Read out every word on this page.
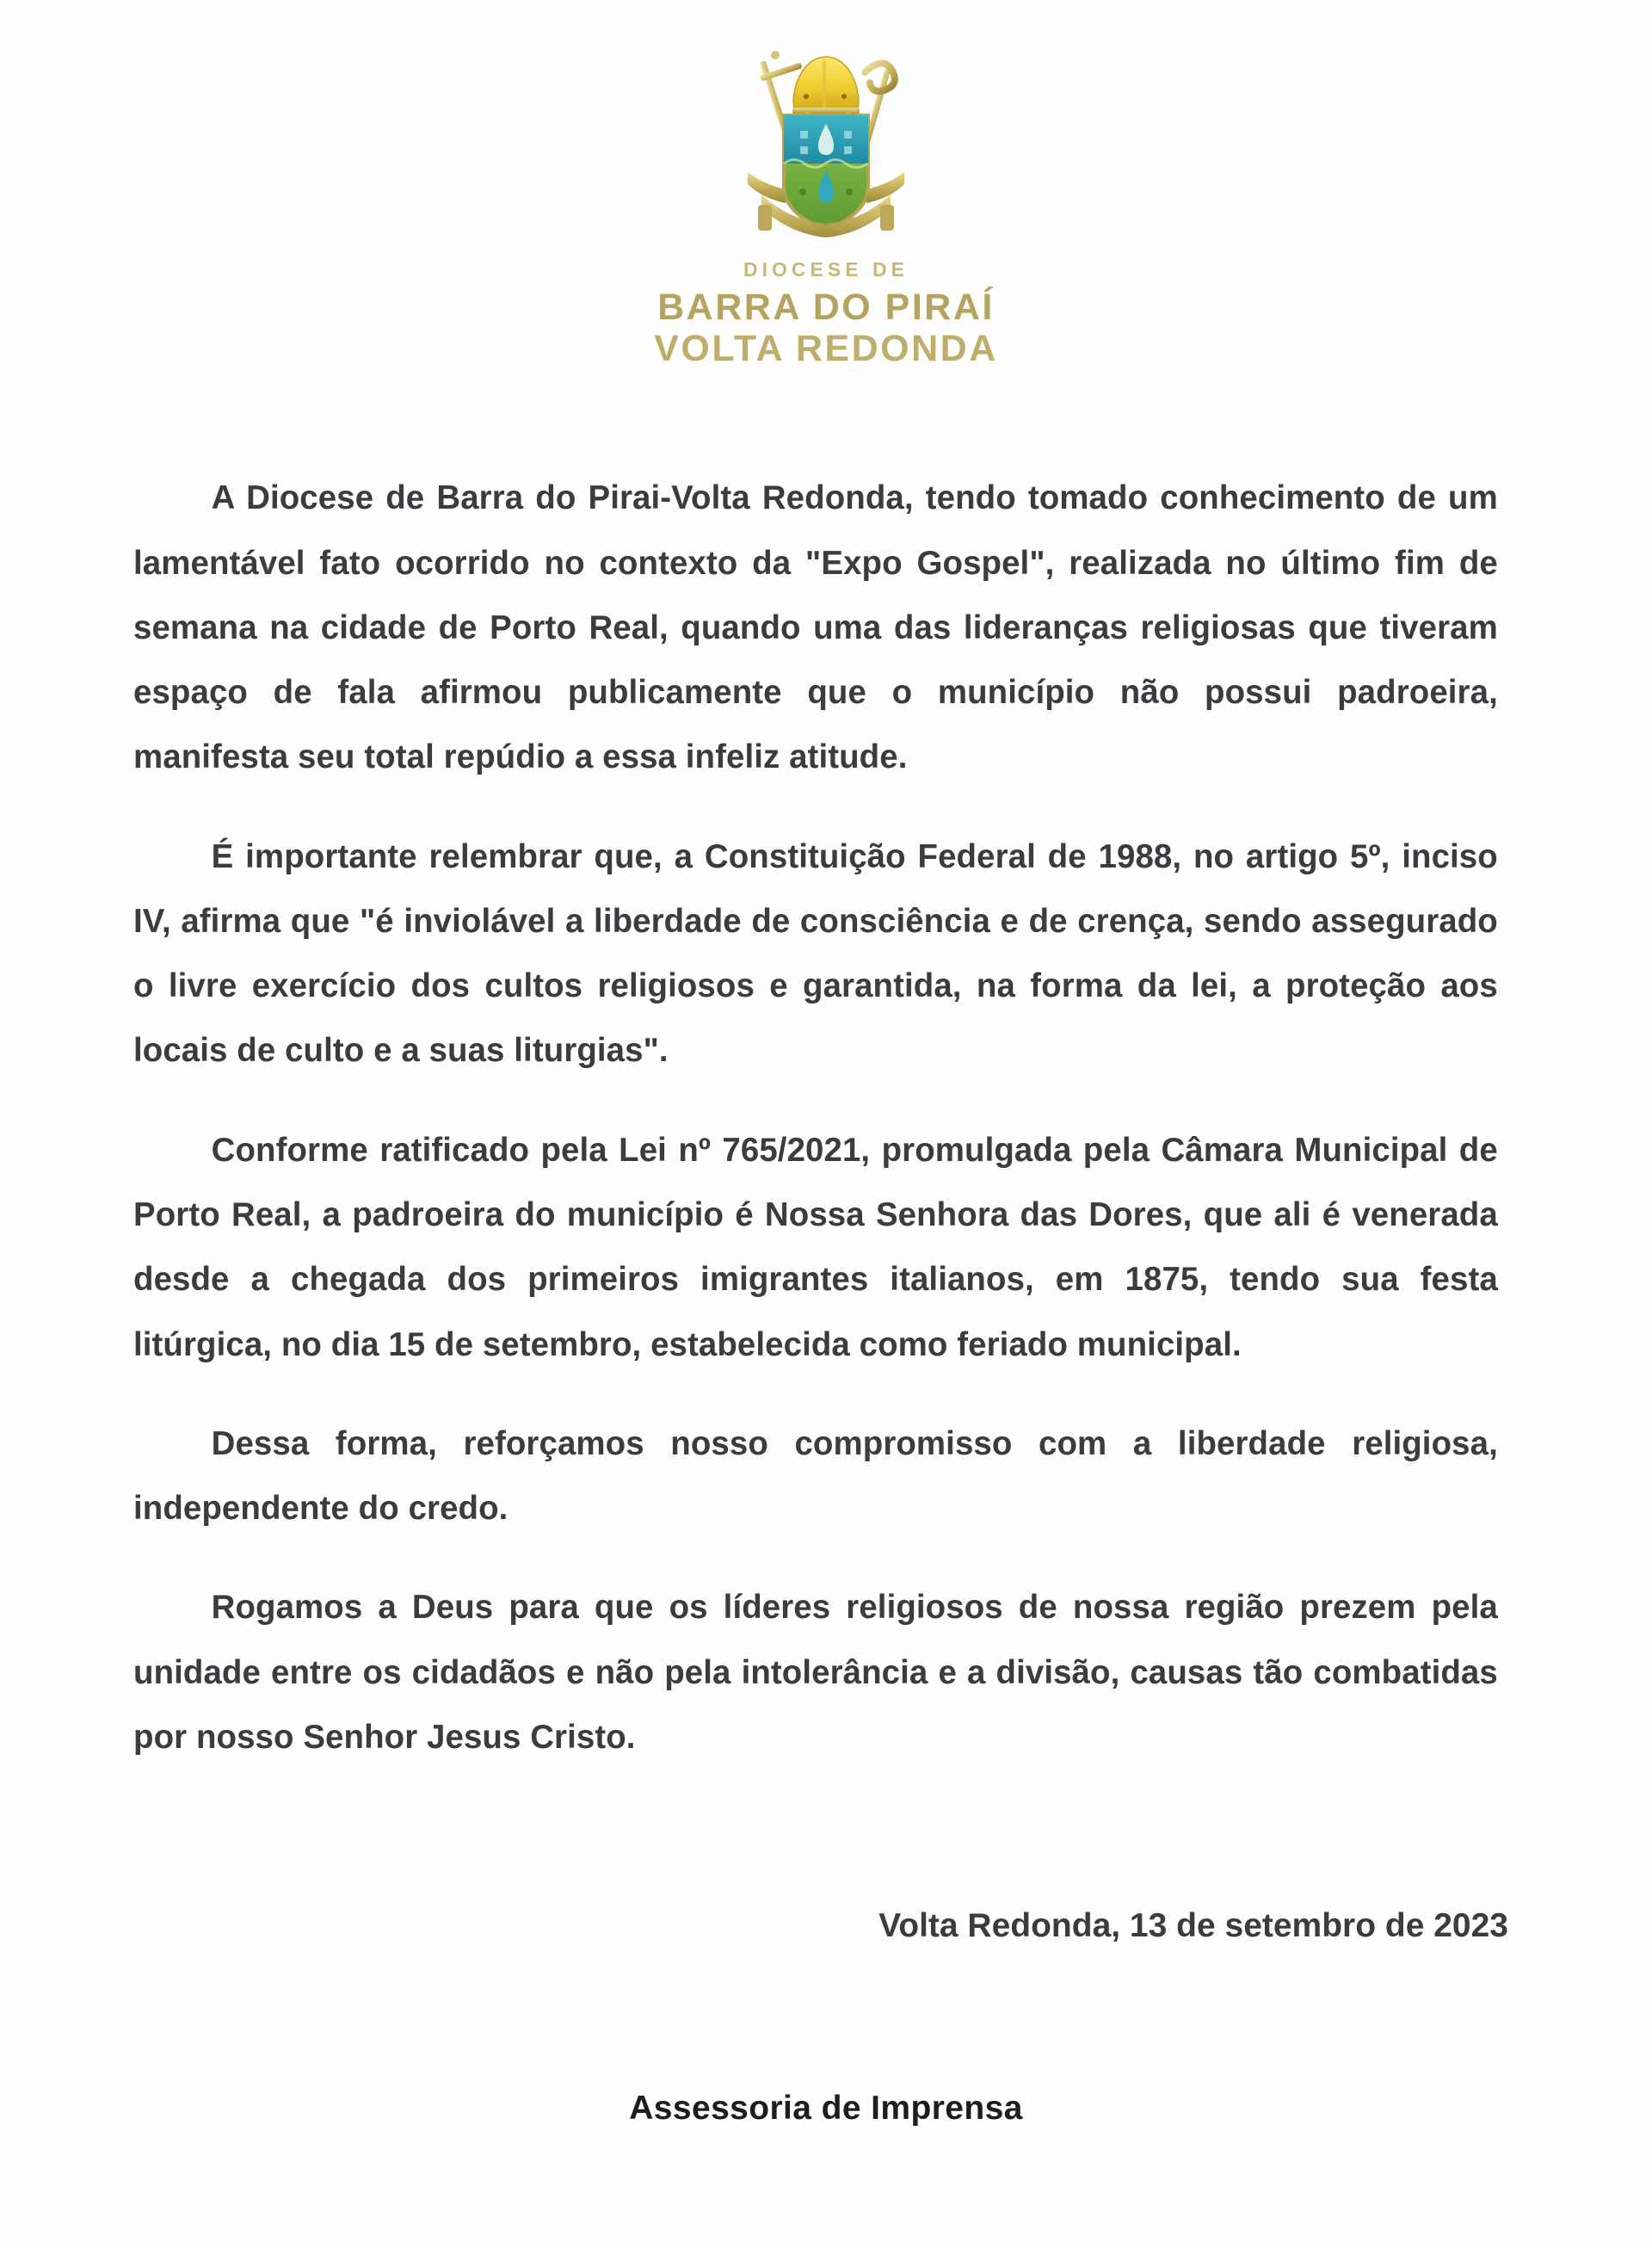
DIOCESE DE
BARRA DO PIRAÍ
VOLTA REDONDA

A Diocese de Barra do Pirai-Volta Redonda, tendo tomado conhecimento de um lamentável fato ocorrido no contexto da "Expo Gospel", realizada no último fim de semana na cidade de Porto Real, quando uma das lideranças religiosas que tiveram espaço de fala afirmou publicamente que o município não possui padroeira, manifesta seu total repúdio a essa infeliz atitude.

É importante relembrar que, a Constituição Federal de 1988, no artigo 5º, inciso IV, afirma que "é inviolável a liberdade de consciência e de crença, sendo assegurado o livre exercício dos cultos religiosos e garantida, na forma da lei, a proteção aos locais de culto e a suas liturgias".

Conforme ratificado pela Lei nº 765/2021, promulgada pela Câmara Municipal de Porto Real, a padroeira do município é Nossa Senhora das Dores, que ali é venerada desde a chegada dos primeiros imigrantes italianos, em 1875, tendo sua festa litúrgica, no dia 15 de setembro, estabelecida como feriado municipal.

Dessa forma, reforçamos nosso compromisso com a liberdade religiosa, independente do credo.

Rogamos a Deus para que os líderes religiosos de nossa região prezem pela unidade entre os cidadãos e não pela intolerância e a divisão, causas tão combatidas por nosso Senhor Jesus Cristo.

Volta Redonda, 13 de setembro de 2023

Assessoria de Imprensa
